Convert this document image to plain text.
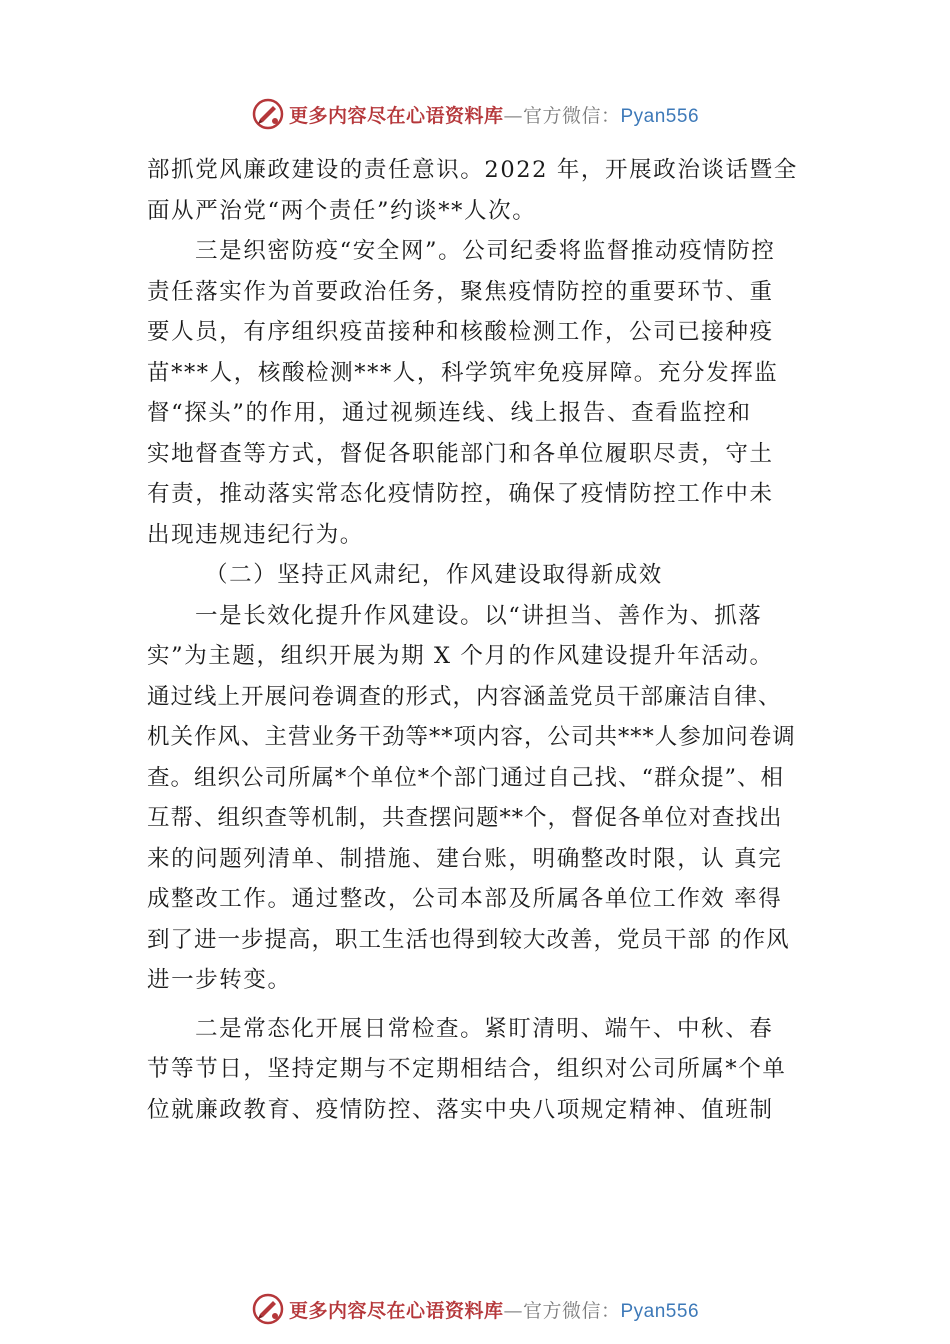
更多内容尽在心语资料库—官方微信：Pyan556
部抓党风廉政建设的责任意识。2022 年，开展政治谈话暨全
面从严治党“两个责任”约谈**人次。
三是织密防疫“安全网”。公司纪委将监督推动疫情防控
责任落实作为首要政治任务，聚焦疫情防控的重要环节、重
要人员，有序组织疫苗接种和核酸检测工作，公司已接种疫
苗***人，核酸检测***人，科学筑牢免疫屏障。充分发挥监
督“探头”的作用，通过视频连线、线上报告、查看监控和
实地督查等方式，督促各职能部门和各单位履职尽责，守土
有责，推动落实常态化疫情防控，确保了疫情防控工作中未
出现违规违纪行为。
（二）坚持正风肃纪，作风建设取得新成效
一是长效化提升作风建设。以“讲担当、善作为、抓落
实”为主题，组织开展为期 X 个月的作风建设提升年活动。
通过线上开展问卷调查的形式，内容涵盖党员干部廉洁自律、
机关作风、主营业务干劲等**项内容，公司共***人参加问卷调
查。组织公司所属*个单位*个部门通过自己找、“群众提”、相
互帮、组织查等机制，共查摆问题**个，督促各单位对查找出
来的问题列清单、制措施、建台账，明确整改时限，认 真完
成整改工作。通过整改，公司本部及所属各单位工作效 率得
到了进一步提高，职工生活也得到较大改善，党员干部 的作风
进一步转变。
二是常态化开展日常检查。紧盯清明、端午、中秋、春
节等节日，坚持定期与不定期相结合，组织对公司所属*个单
位就廉政教育、疫情防控、落实中央八项规定精神、值班制
更多内容尽在心语资料库—官方微信：Pyan556
